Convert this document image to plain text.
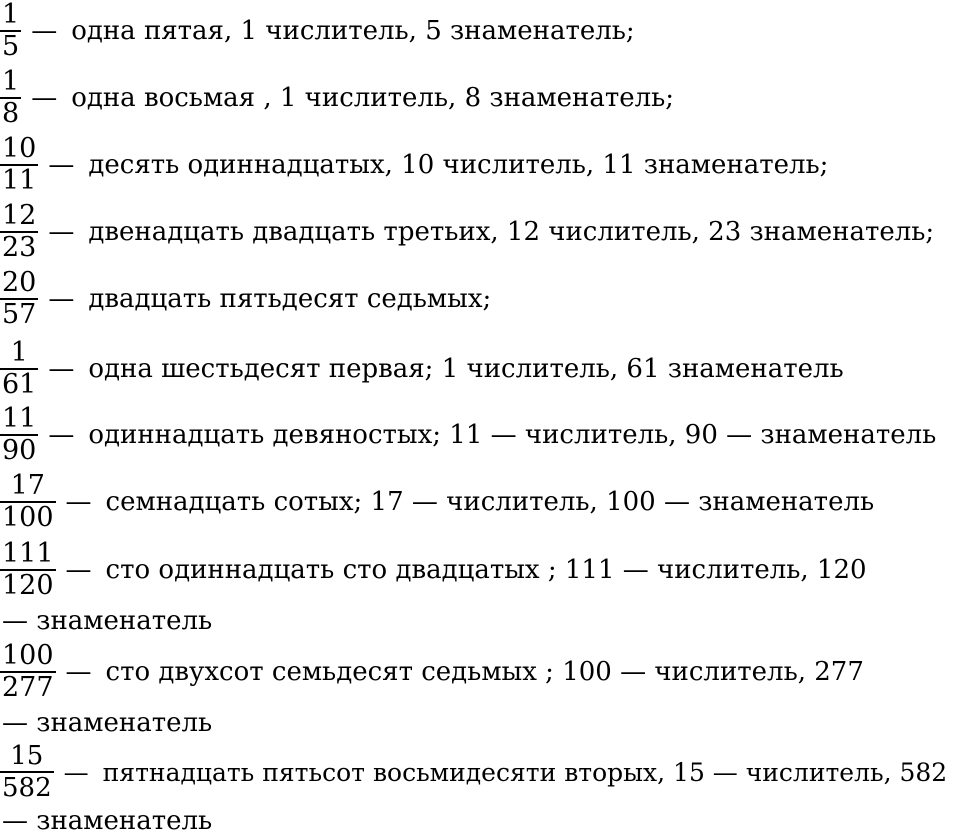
$\frac{1}{5}$ — одна пятая, 1 числитель, 5 знаменатель;
$\frac{1}{8}$ — одна восьмая , 1 числитель, 8 знаменатель;
$\frac{10}{11}$ — десять одиннадцатых, 10 числитель, 11 знаменатель;
$\frac{12}{23}$ — двенадцать двадцать третьих, 12 числитель, 23 знаменатель;
$\frac{20}{57}$ — двадцать пятьдесят седьмых;
$\frac{1}{61}$ — одна шестьдесят первая; 1 числитель, 61 знаменатель
$\frac{11}{90}$ — одиннадцать девяностых; 11 — числитель, 90 — знаменатель
$\frac{17}{100}$ — семнадцать сотых; 17 — числитель, 100 — знаменатель
$\frac{111}{120}$ — сто одиннадцать сто двадцатых ; 111 — числитель, 120
— знаменатель
$\frac{100}{277}$ — сто двухсот семьдесят седьмых ; 100 — числитель, 277
— знаменатель
$\frac{15}{582}$ — пятнадцать пятьсот восьмидесяти вторых, 15 — числитель, 582
— знаменатель
